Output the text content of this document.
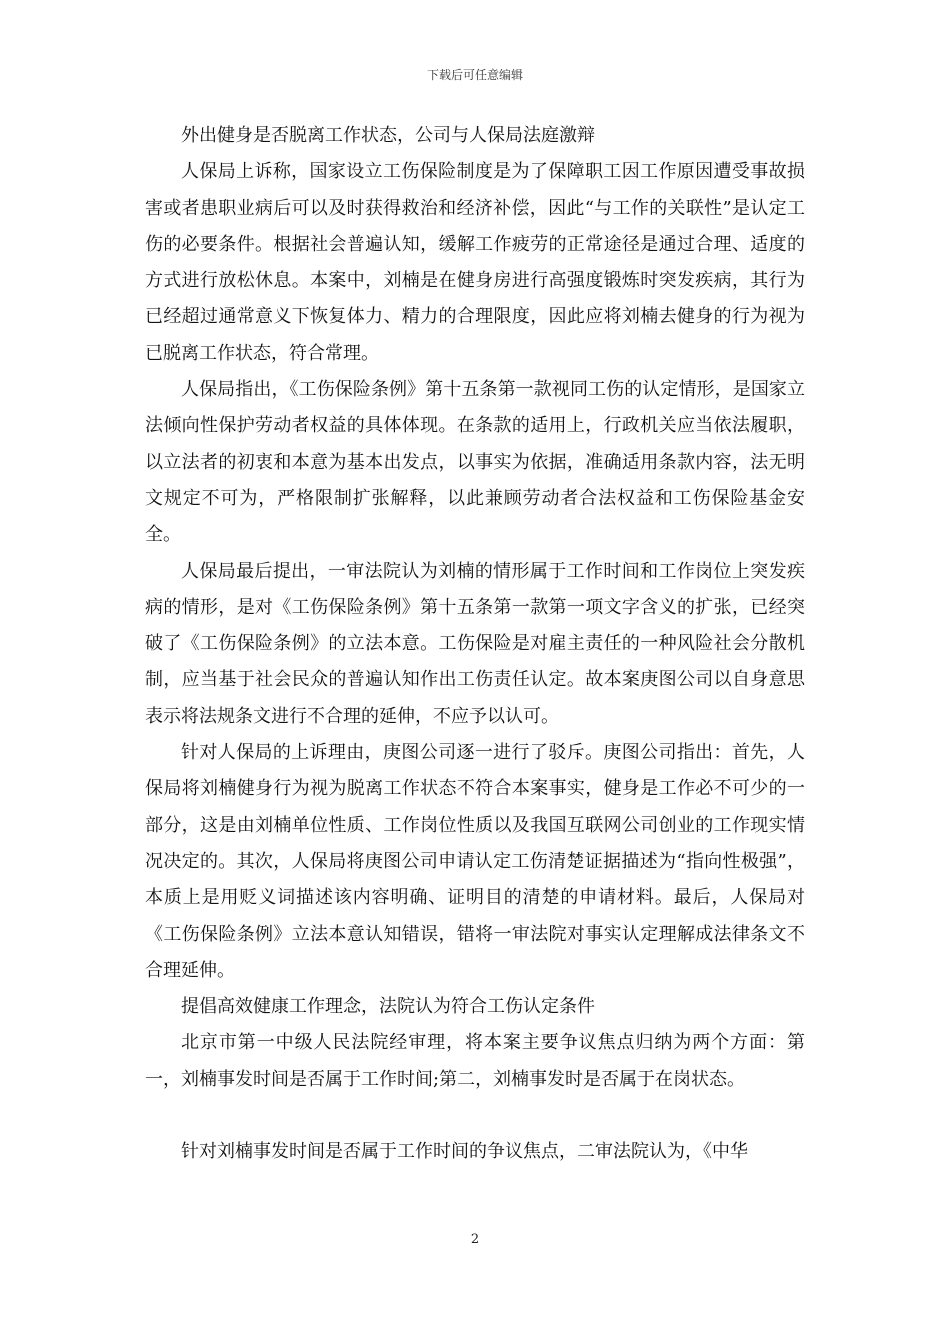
下载后可任意编辑

外出健身是否脱离工作状态，公司与人保局法庭激辩

人保局上诉称，国家设立工伤保险制度是为了保障职工因工作原因遭受事故损害或者患职业病后可以及时获得救治和经济补偿，因此“与工作的关联性”是认定工伤的必要条件。根据社会普遍认知，缓解工作疲劳的正常途径是通过合理、适度的方式进行放松休息。本案中，刘楠是在健身房进行高强度锻炼时突发疾病，其行为已经超过通常意义下恢复体力、精力的合理限度，因此应将刘楠去健身的行为视为已脱离工作状态，符合常理。

人保局指出，《工伤保险条例》第十五条第一款视同工伤的认定情形，是国家立法倾向性保护劳动者权益的具体体现。在条款的适用上，行政机关应当依法履职，以立法者的初衷和本意为基本出发点，以事实为依据，准确适用条款内容，法无明文规定不可为，严格限制扩张解释，以此兼顾劳动者合法权益和工伤保险基金安全。

人保局最后提出，一审法院认为刘楠的情形属于工作时间和工作岗位上突发疾病的情形，是对《工伤保险条例》第十五条第一款第一项文字含义的扩张，已经突破了《工伤保险条例》的立法本意。工伤保险是对雇主责任的一种风险社会分散机制，应当基于社会民众的普遍认知作出工伤责任认定。故本案庚图公司以自身意思表示将法规条文进行不合理的延伸，不应予以认可。

针对人保局的上诉理由，庚图公司逐一进行了驳斥。庚图公司指出：首先，人保局将刘楠健身行为视为脱离工作状态不符合本案事实，健身是工作必不可少的一部分，这是由刘楠单位性质、工作岗位性质以及我国互联网公司创业的工作现实情况决定的。其次，人保局将庚图公司申请认定工伤清楚证据描述为“指向性极强”，本质上是用贬义词描述该内容明确、证明目的清楚的申请材料。最后，人保局对《工伤保险条例》立法本意认知错误，错将一审法院对事实认定理解成法律条文不合理延伸。

提倡高效健康工作理念，法院认为符合工伤认定条件

北京市第一中级人民法院经审理，将本案主要争议焦点归纳为两个方面：第一，刘楠事发时间是否属于工作时间;第二，刘楠事发时是否属于在岗状态。

针对刘楠事发时间是否属于工作时间的争议焦点，二审法院认为，《中华

2
